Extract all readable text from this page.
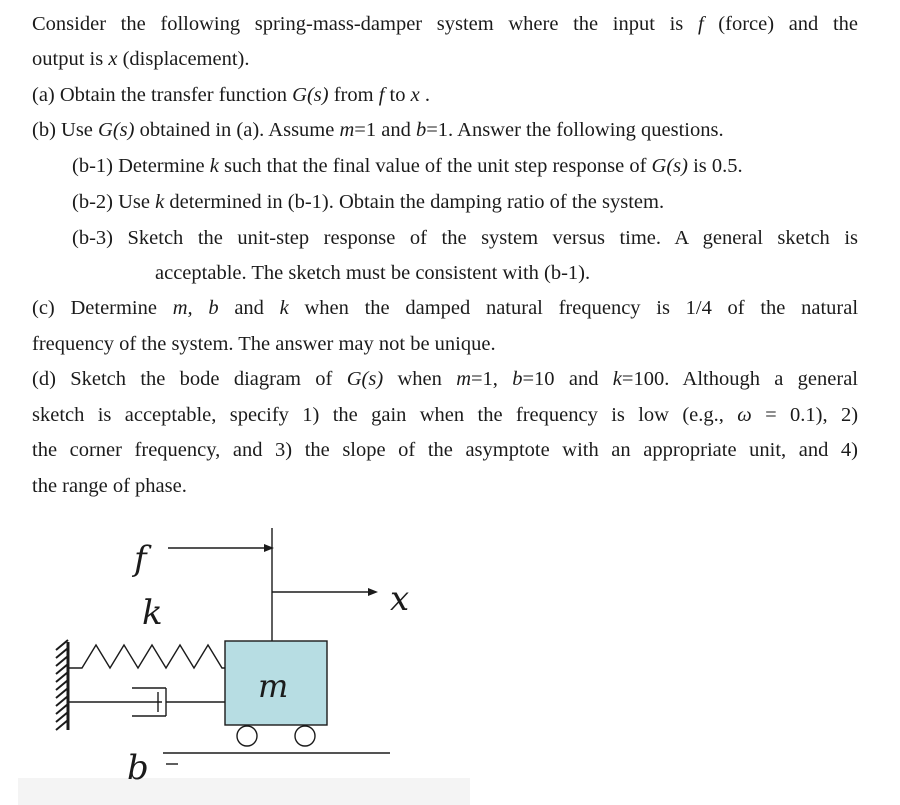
Consider the following spring-mass-damper system where the input is f (force) and the
output is x (displacement).
(a) Obtain the transfer function G(s) from f to x .
(b) Use G(s) obtained in (a). Assume m=1 and b=1. Answer the following questions.
(b-1) Determine k such that the final value of the unit step response of G(s) is 0.5.
(b-2) Use k determined in (b-1). Obtain the damping ratio of the system.
(b-3) Sketch the unit-step response of the system versus time. A general sketch is
acceptable. The sketch must be consistent with (b-1).
(c) Determine m, b and k when the damped natural frequency is 1/4 of the natural
frequency of the system. The answer may not be unique.
(d) Sketch the bode diagram of G(s) when m=1, b=10 and k=100. Although a general
sketch is acceptable, specify 1) the gain when the frequency is low (e.g., ω = 0.1), 2)
the corner frequency, and 3) the slope of the asymptote with an appropriate unit, and 4)
the range of phase.
f
k	x
m
b
